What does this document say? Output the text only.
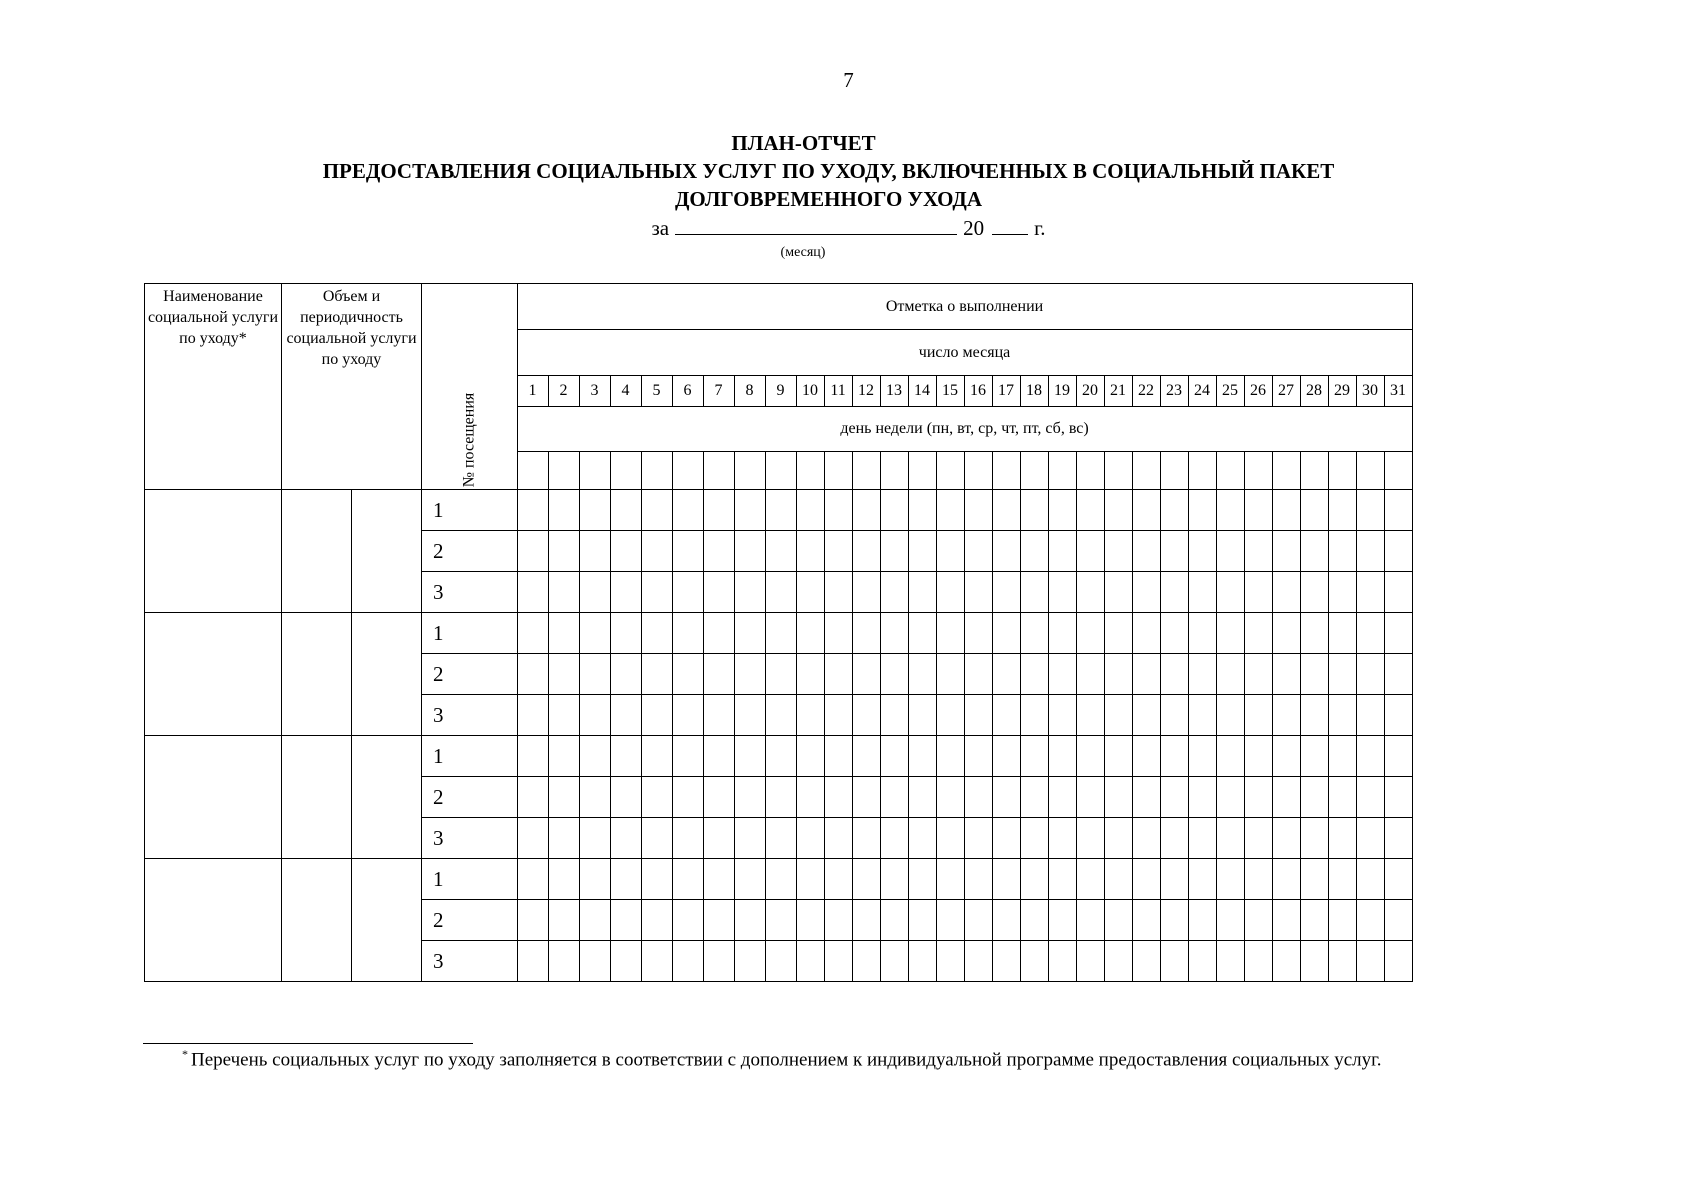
7
ПЛАН-ОТЧЕТ
ПРЕДОСТАВЛЕНИЯ СОЦИАЛЬНЫХ УСЛУГ ПО УХОДУ, ВКЛЮЧЕННЫХ В СОЦИАЛЬНЫЙ ПАКЕТ
ДОЛГОВРЕМЕННОГО УХОДА
за	20 г.
(месяц)
Наименование социальной услуги по уходу*	Объем и периодичность социальной услуги по уходу		№ посещения	Отметка о выполнении																														
				число месяца																														
				1	2	3	4	5	6	7	8	9	10	11	12	13	14	15	16	17	18	19	20	21	22	23	24	25	26	27	28	29	30	31
				день недели (пн, вт, ср, чт, пт, сб, вс)																														

			1																															
			2																															
			3																															
			1																															
			2																															
			3																															
			1																															
			2																															
			3																															
			1																															
			2																															
			3																															
* Перечень социальных услуг по уходу заполняется в соответствии с дополнением к индивидуальной программе предоставления социальных услуг.
